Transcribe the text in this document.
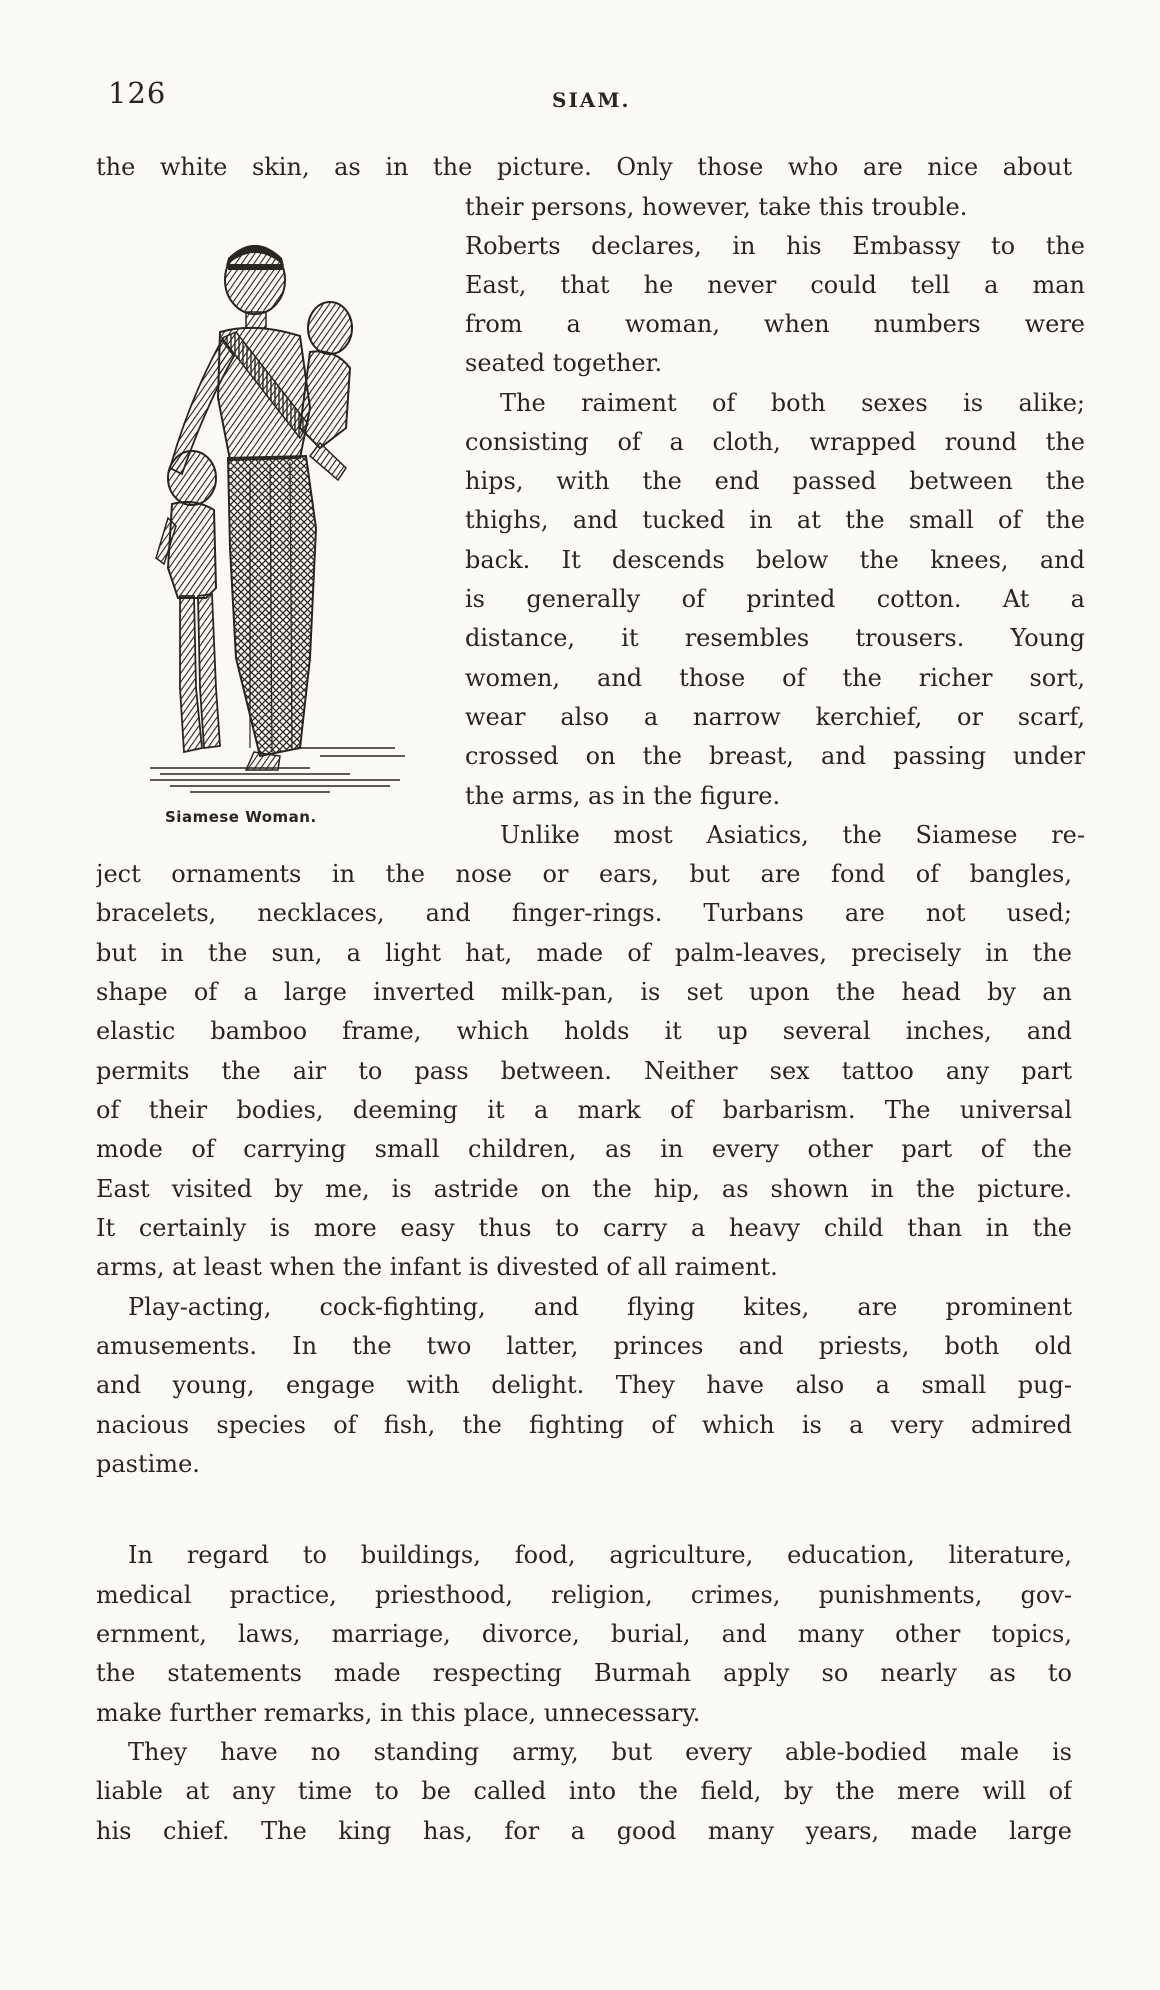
126	SIAM.
Siamese Woman.

the white skin, as in the picture. Only those who are nice about

their persons, however, take this trouble.

Roberts declares, in his Embassy to the

East, that he never could tell a man

from a woman, when numbers were

seated together.

The raiment of both sexes is alike;

consisting of a cloth, wrapped round the

hips, with the end passed between the

thighs, and tucked in at the small of the

back. It descends below the knees, and

is generally of printed cotton. At a

distance, it resembles trousers. Young

women, and those of the richer sort,

wear also a narrow kerchief, or scarf,

crossed on the breast, and passing under

the arms, as in the figure.

Unlike most Asiatics, the Siamese re-

ject ornaments in the nose or ears, but are fond of bangles,

bracelets, necklaces, and finger-rings. Turbans are not used;

but in the sun, a light hat, made of palm-leaves, precisely in the

shape of a large inverted milk-pan, is set upon the head by an

elastic bamboo frame, which holds it up several inches, and

permits the air to pass between. Neither sex tattoo any part

of their bodies, deeming it a mark of barbarism. The universal

mode of carrying small children, as in every other part of the

East visited by me, is astride on the hip, as shown in the picture.

It certainly is more easy thus to carry a heavy child than in the

arms, at least when the infant is divested of all raiment.

Play-acting, cock-fighting, and flying kites, are prominent

amusements. In the two latter, princes and priests, both old

and young, engage with delight. They have also a small pug-

nacious species of fish, the fighting of which is a very admired

pastime.

In regard to buildings, food, agriculture, education, literature,

medical practice, priesthood, religion, crimes, punishments, gov-

ernment, laws, marriage, divorce, burial, and many other topics,

the statements made respecting Burmah apply so nearly as to

make further remarks, in this place, unnecessary.

They have no standing army, but every able-bodied male is

liable at any time to be called into the field, by the mere will of

his chief. The king has, for a good many years, made large
